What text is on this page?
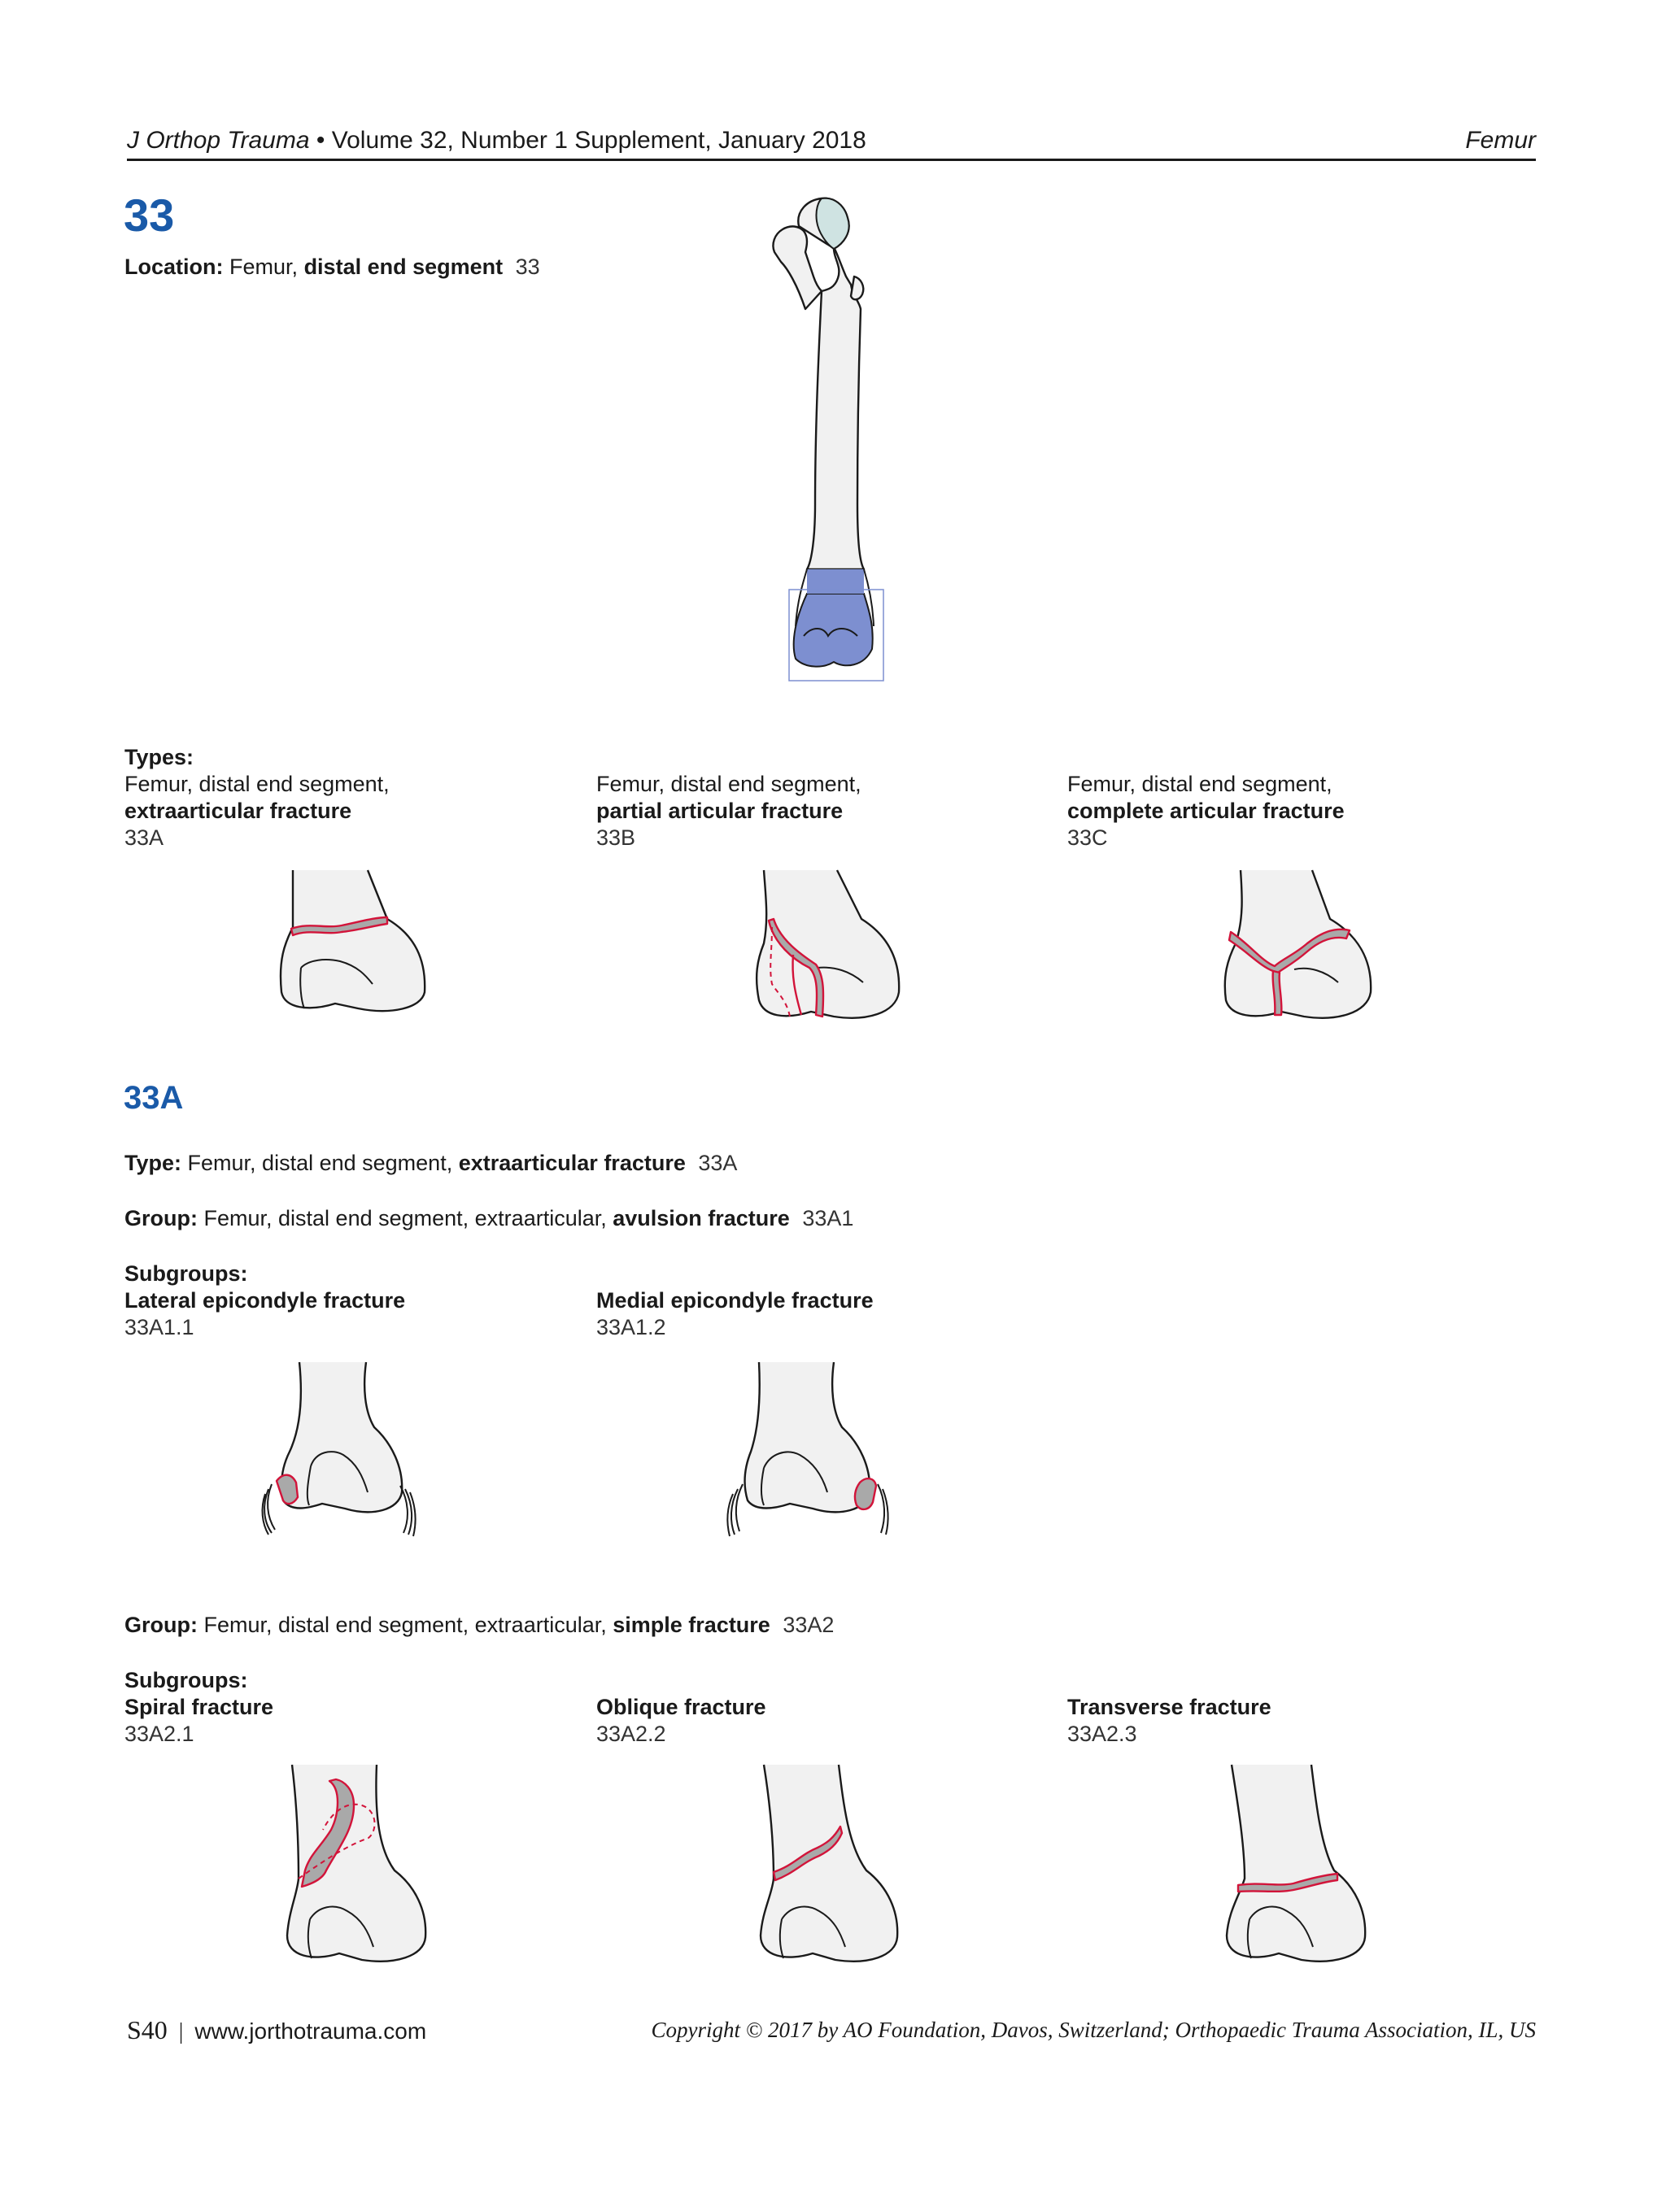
J Orthop Trauma • Volume 32, Number 1 Supplement, January 2018	Femur
33
Location: Femur, distal end segment 33
Types:
Femur, distal end segment,
extraarticular fracture
33A
Femur, distal end segment,
partial articular fracture
33B
Femur, distal end segment,
complete articular fracture
33C
33A
Type: Femur, distal end segment, extraarticular fracture 33A
Group: Femur, distal end segment, extraarticular, avulsion fracture 33A1
Subgroups:
Lateral epicondyle fracture
33A1.1
Medial epicondyle fracture
33A1.2
Group: Femur, distal end segment, extraarticular, simple fracture 33A2
Subgroups:
Spiral fracture
33A2.1
Oblique fracture
33A2.2
Transverse fracture
33A2.3
S40 | www.jorthotrauma.com	Copyright © 2017 by AO Foundation, Davos, Switzerland; Orthopaedic Trauma Association, IL, US
